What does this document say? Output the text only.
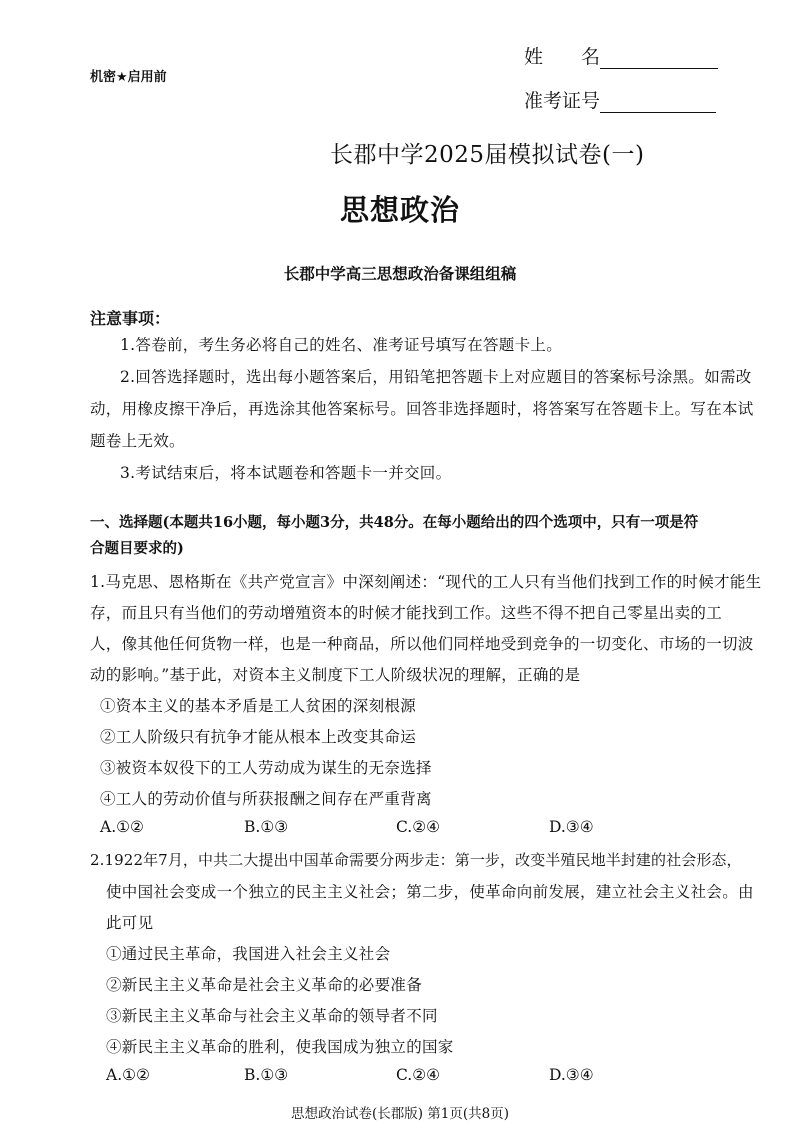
机密★启用前
姓　　名
准考证号
长郡中学2025届模拟试卷(一)
思想政治
长郡中学高三思想政治备课组组稿
注意事项：
1.答卷前，考生务必将自己的姓名、准考证号填写在答题卡上。
2.回答选择题时，选出每小题答案后，用铅笔把答题卡上对应题目的答案标号涂黑。如需改
动，用橡皮擦干净后，再选涂其他答案标号。回答非选择题时，将答案写在答题卡上。写在本试
题卷上无效。
3.考试结束后，将本试题卷和答题卡一并交回。
一、选择题(本题共16小题，每小题3分，共48分。在每小题给出的四个选项中，只有一项是符
合题目要求的)
1.马克思、恩格斯在《共产党宣言》中深刻阐述：“现代的工人只有当他们找到工作的时候才能生
存，而且只有当他们的劳动增殖资本的时候才能找到工作。这些不得不把自己零星出卖的工
人，像其他任何货物一样，也是一种商品，所以他们同样地受到竞争的一切变化、市场的一切波
动的影响。”基于此，对资本主义制度下工人阶级状况的理解，正确的是
①资本主义的基本矛盾是工人贫困的深刻根源
②工人阶级只有抗争才能从根本上改变其命运
③被资本奴役下的工人劳动成为谋生的无奈选择
④工人的劳动价值与所获报酬之间存在严重背离
A.①②	B.①③	C.②④	D.③④
2.1922年7月，中共二大提出中国革命需要分两步走：第一步，改变半殖民地半封建的社会形态，
使中国社会变成一个独立的民主主义社会；第二步，使革命向前发展，建立社会主义社会。由
此可见
①通过民主革命，我国进入社会主义社会
②新民主主义革命是社会主义革命的必要准备
③新民主主义革命与社会主义革命的领导者不同
④新民主主义革命的胜利，使我国成为独立的国家
A.①②	B.①③	C.②④	D.③④
思想政治试卷(长郡版) 第1页(共8页)
